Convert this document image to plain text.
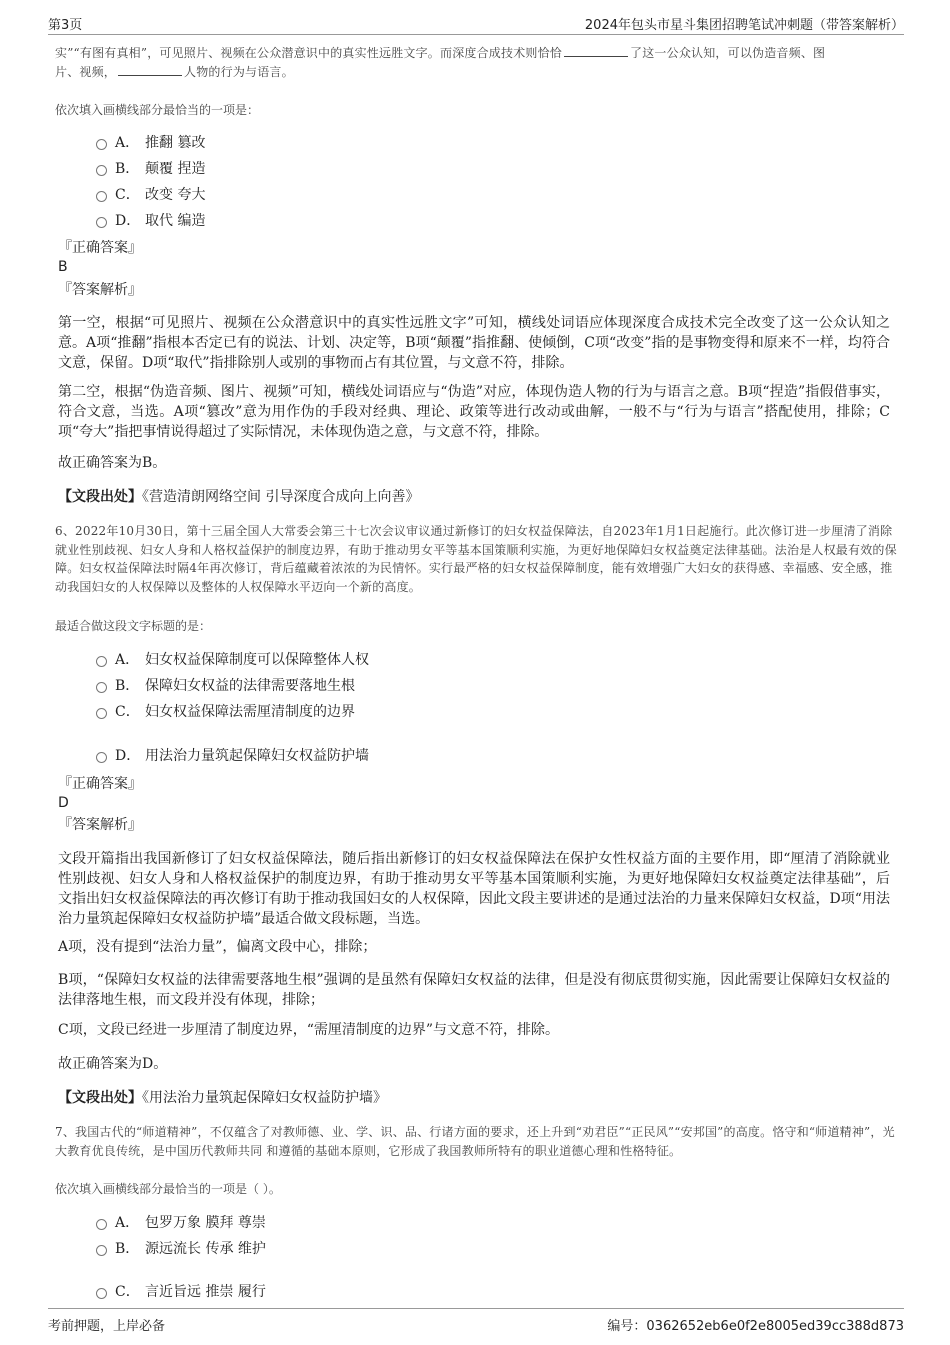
第3页	2024年包头市星斗集团招聘笔试冲刺题（带答案解析）
实”“有图有真相”，可见照片、视频在公众潜意识中的真实性远胜文字。而深度合成技术则恰恰	了这一公众认知，可以伪造音频、图
片、视频，	人物的行为与语言。
依次填入画横线部分最恰当的一项是：
A． 推翻 篡改
B． 颠覆 捏造
C． 改变 夸大
D． 取代 编造
『正确答案』
B
『答案解析』
第一空，根据“可见照片、视频在公众潜意识中的真实性远胜文字”可知，横线处词语应体现深度合成技术完全改变了这一公众认知之意。A项“推翻”指根本否定已有的说法、计划、决定等，B项“颠覆”指推翻、使倾倒，C项“改变”指的是事物变得和原来不一样，均符合文意，保留。D项“取代”指排除别人或别的事物而占有其位置，与文意不符，排除。
第二空，根据“伪造音频、图片、视频”可知，横线处词语应与“伪造”对应，体现伪造人物的行为与语言之意。B项“捏造”指假借事实，符合文意，当选。A项“篡改”意为用作伪的手段对经典、理论、政策等进行改动或曲解，一般不与“行为与语言”搭配使用，排除；C项“夸大”指把事情说得超过了实际情况，未体现伪造之意，与文意不符，排除。
故正确答案为B。
【文段出处】《营造清朗网络空间 引导深度合成向上向善》
6、2022年10月30日，第十三届全国人大常委会第三十七次会议审议通过新修订的妇女权益保障法，自2023年1月1日起施行。此次修订进一步厘清了消除就业性别歧视、妇女人身和人格权益保护的制度边界，有助于推动男女平等基本国策顺利实施，为更好地保障妇女权益奠定法律基础。法治是人权最有效的保障。妇女权益保障法时隔4年再次修订，背后蕴藏着浓浓的为民情怀。实行最严格的妇女权益保障制度，能有效增强广大妇女的获得感、幸福感、安全感，推动我国妇女的人权保障以及整体的人权保障水平迈向一个新的高度。
最适合做这段文字标题的是：
A． 妇女权益保障制度可以保障整体人权
B． 保障妇女权益的法律需要落地生根
C． 妇女权益保障法需厘清制度的边界
D． 用法治力量筑起保障妇女权益防护墙
『正确答案』
D
『答案解析』
文段开篇指出我国新修订了妇女权益保障法，随后指出新修订的妇女权益保障法在保护女性权益方面的主要作用，即“厘清了消除就业性别歧视、妇女人身和人格权益保护的制度边界，有助于推动男女平等基本国策顺利实施，为更好地保障妇女权益奠定法律基础”，后文指出妇女权益保障法的再次修订有助于推动我国妇女的人权保障，因此文段主要讲述的是通过法治的力量来保障妇女权益，D项“用法治力量筑起保障妇女权益防护墙”最适合做文段标题，当选。
A项，没有提到“法治力量”，偏离文段中心，排除；
B项，“保障妇女权益的法律需要落地生根”强调的是虽然有保障妇女权益的法律，但是没有彻底贯彻实施，因此需要让保障妇女权益的法律落地生根，而文段并没有体现，排除；
C项，文段已经进一步厘清了制度边界，“需厘清制度的边界”与文意不符，排除。
故正确答案为D。
【文段出处】《用法治力量筑起保障妇女权益防护墙》
7、我国古代的“师道精神”，不仅蕴含了对教师德、业、学、识、品、行诸方面的要求，还上升到“劝君臣”“正民风”“安邦国”的高度。恪守和“师道精神”，光大教育优良传统，是中国历代教师共同 和遵循的基础本原则，它形成了我国教师所特有的职业道德心理和性格特征。
依次填入画横线部分最恰当的一项是（ ）。
A． 包罗万象 膜拜 尊崇
B． 源远流长 传承 维护
C． 言近旨远 推崇 履行
考前押题，上岸必备	编号：0362652eb6e0f2e8005ed39cc388d873
